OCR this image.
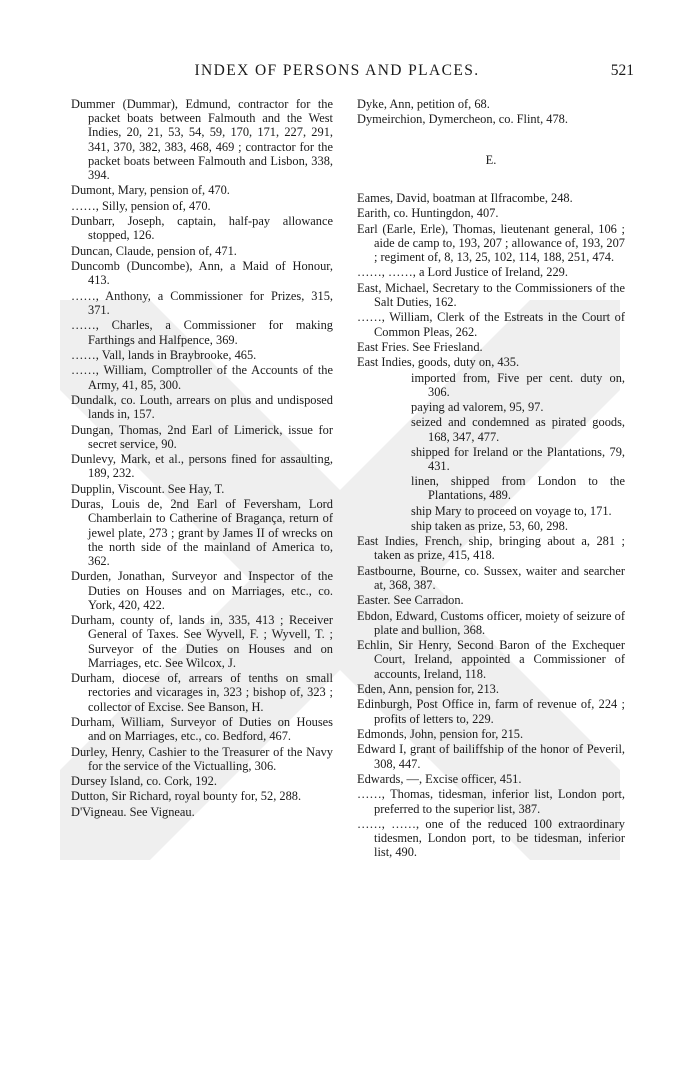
INDEX OF PERSONS AND PLACES.	521

Dummer (Dummar), Edmund, contractor for the packet boats between Falmouth and the West Indies, 20, 21, 53, 54, 59, 170, 171, 227, 291, 341, 370, 382, 383, 468, 469 ; contractor for the packet boats between Falmouth and Lisbon, 338, 394.

Dumont, Mary, pension of, 470.

……, Silly, pension of, 470.

Dunbarr, Joseph, captain, half-pay allowance stopped, 126.

Duncan, Claude, pension of, 471.

Duncomb (Duncombe), Ann, a Maid of Honour, 413.

……, Anthony, a Commissioner for Prizes, 315, 371.

……, Charles, a Commissioner for making Farthings and Halfpence, 369.

……, Vall, lands in Braybrooke, 465.

……, William, Comptroller of the Accounts of the Army, 41, 85, 300.

Dundalk, co. Louth, arrears on plus and undisposed lands in, 157.

Dungan, Thomas, 2nd Earl of Limerick, issue for secret service, 90.

Dunlevy, Mark, et al., persons fined for assaulting, 189, 232.

Dupplin, Viscount. See Hay, T.

Duras, Louis de, 2nd Earl of Feversham, Lord Chamberlain to Catherine of Bragança, return of jewel plate, 273 ; grant by James II of wrecks on the north side of the mainland of America to, 362.

Durden, Jonathan, Surveyor and Inspector of the Duties on Houses and on Marriages, etc., co. York, 420, 422.

Durham, county of, lands in, 335, 413 ; Receiver General of Taxes. See Wyvell, F. ; Wyvell, T. ; Surveyor of the Duties on Houses and on Marriages, etc. See Wilcox, J.

Durham, diocese of, arrears of tenths on small rectories and vicarages in, 323 ; bishop of, 323 ; collector of Excise. See Banson, H.

Durham, William, Surveyor of Duties on Houses and on Marriages, etc., co. Bedford, 467.

Durley, Henry, Cashier to the Treasurer of the Navy for the service of the Victualling, 306.

Dursey Island, co. Cork, 192.

Dutton, Sir Richard, royal bounty for, 52, 288.

D'Vigneau. See Vigneau.

Dyke, Ann, petition of, 68.

Dymeirchion, Dymercheon, co. Flint, 478.

E.

Eames, David, boatman at Ilfracombe, 248.

Earith, co. Huntingdon, 407.

Earl (Earle, Erle), Thomas, lieutenant general, 106 ; aide de camp to, 193, 207 ; allowance of, 193, 207 ; regiment of, 8, 13, 25, 102, 114, 188, 251, 474.

……, ……, a Lord Justice of Ireland, 229.

East, Michael, Secretary to the Commissioners of the Salt Duties, 162.

……, William, Clerk of the Estreats in the Court of Common Pleas, 262.

East Fries. See Friesland.

East Indies, goods, duty on, 435.

imported from, Five per cent. duty on, 306.

paying ad valorem, 95, 97.

seized and condemned as pirated goods, 168, 347, 477.

shipped for Ireland or the Plantations, 79, 431.

linen, shipped from London to the Plantations, 489.

ship Mary to proceed on voyage to, 171.

ship taken as prize, 53, 60, 298.

East Indies, French, ship, bringing about a, 281 ; taken as prize, 415, 418.

Eastbourne, Bourne, co. Sussex, waiter and searcher at, 368, 387.

Easter. See Carradon.

Ebdon, Edward, Customs officer, moiety of seizure of plate and bullion, 368.

Echlin, Sir Henry, Second Baron of the Exchequer Court, Ireland, appointed a Commissioner of accounts, Ireland, 118.

Eden, Ann, pension for, 213.

Edinburgh, Post Office in, farm of revenue of, 224 ; profits of letters to, 229.

Edmonds, John, pension for, 215.

Edward I, grant of bailiffship of the honor of Peveril, 308, 447.

Edwards, —, Excise officer, 451.

……, Thomas, tidesman, inferior list, London port, preferred to the superior list, 387.

……, ……, one of the reduced 100 extraordinary tidesmen, London port, to be tidesman, inferior list, 490.
